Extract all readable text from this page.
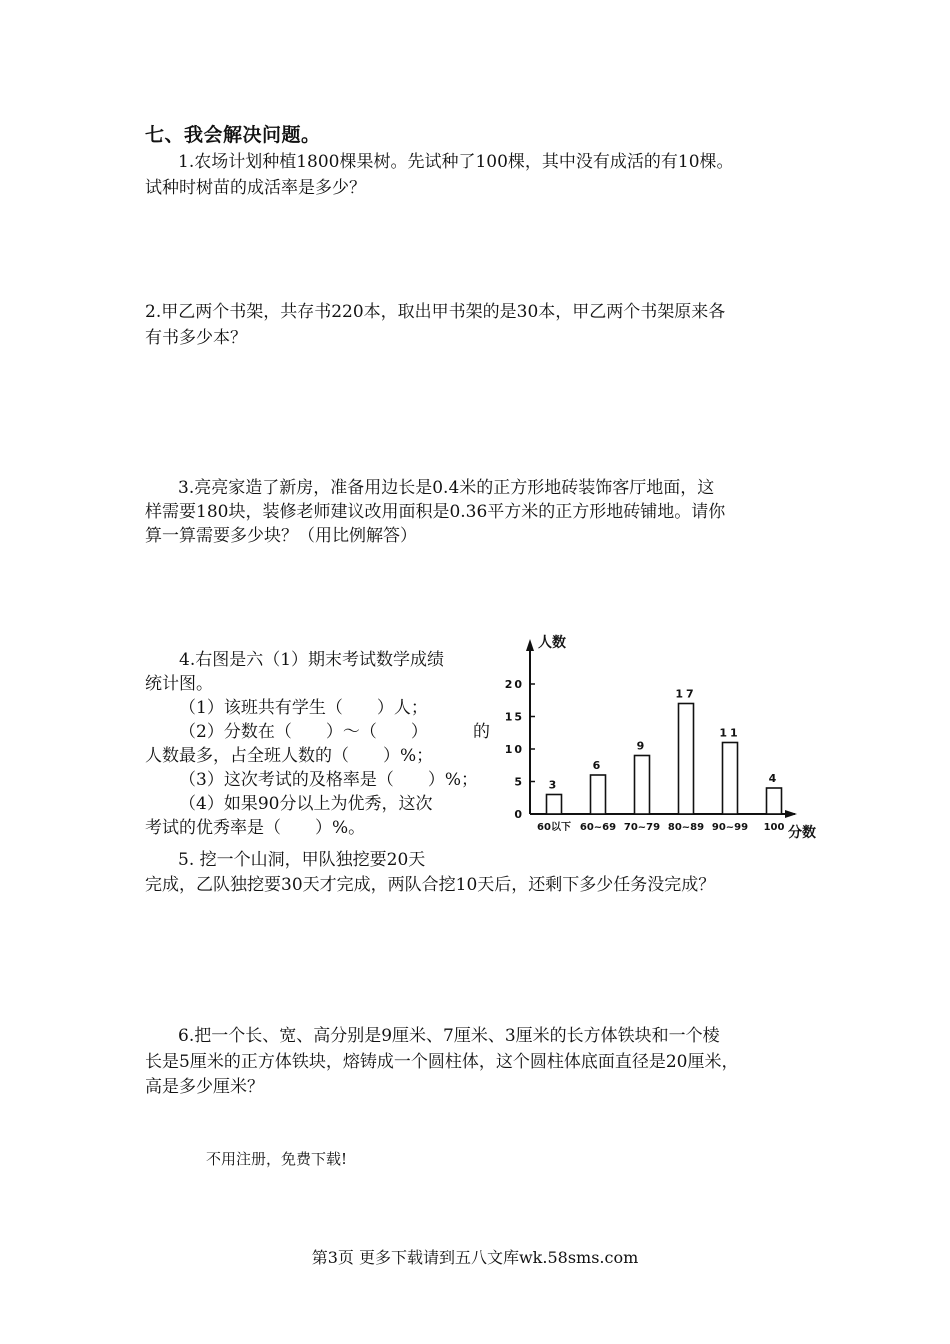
七、我会解决问题。
1.农场计划种植1800棵果树。先试种了100棵，其中没有成活的有10棵。
试种时树苗的成活率是多少？
2.甲乙两个书架，共存书220本，取出甲书架的是30本，甲乙两个书架原来各
有书多少本？
3.亮亮家造了新房，准备用边长是0.4米的正方形地砖装饰客厅地面，这
样需要180块，装修老师建议改用面积是0.36平方米的正方形地砖铺地。请你
算一算需要多少块？（用比例解答）
4.右图是六（1）期末考试数学成绩
统计图。
（1）该班共有学生（　　）人；
（2）分数在（　　）～（　　）	的
人数最多，占全班人数的（　　）%；
（3）这次考试的及格率是（　　）%；
（4）如果90分以上为优秀，这次
考试的优秀率是（　　）%。
5. 挖一个山洞，甲队独挖要20天
完成，乙队独挖要30天才完成，两队合挖10天后，还剩下多少任务没完成？
6.把一个长、宽、高分别是9厘米、7厘米、3厘米的长方体铁块和一个棱
长是5厘米的正方体铁块，熔铸成一个圆柱体，这个圆柱体底面直径是20厘米，
高是多少厘米？
人数
分数
0
5
10
15
20
3
60以下
6
60~69
9
70~79
17
80~89
11
90~99
4
100
不用注册，免费下载!
第3页 更多下载请到五八文库wk.58sms.com
